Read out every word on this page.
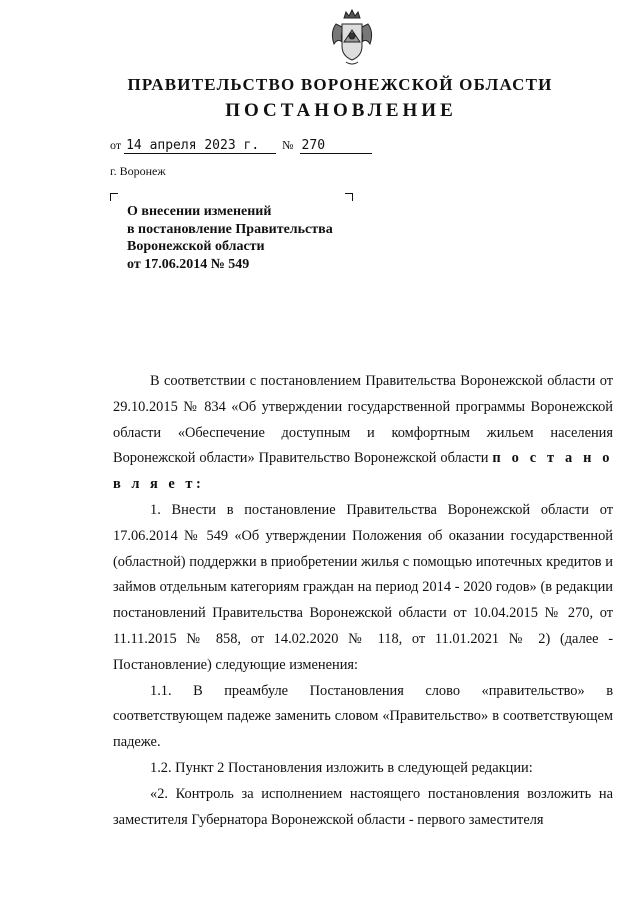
ПРАВИТЕЛЬСТВО ВОРОНЕЖСКОЙ ОБЛАСТИ
ПОСТАНОВЛЕНИЕ
от 14 апреля 2023 г. № 270
г. Воронеж
О внесении изменений
в постановление Правительства
Воронежской области
от 17.06.2014 № 549

В соответствии с постановлением Правительства Воронежской области от 29.10.2015 № 834 «Об утверждении государственной программы Воронежской области «Обеспечение доступным и комфортным жильем населения Воронежской области» Правительство Воронежской области п о с т а н о в л я е т:

1. Внести в постановление Правительства Воронежской области от 17.06.2014 № 549 «Об утверждении Положения об оказании государственной (областной) поддержки в приобретении жилья с помощью ипотечных кредитов и займов отдельным категориям граждан на период 2014 - 2020 годов» (в редакции постановлений Правительства Воронежской области от 10.04.2015 № 270, от 11.11.2015 № 858, от 14.02.2020 № 118, от 11.01.2021 № 2) (далее - Постановление) следующие изменения:

1.1. В преамбуле Постановления слово «правительство» в соответствующем падеже заменить словом «Правительство» в соответствующем падеже.

1.2. Пункт 2 Постановления изложить в следующей редакции:

«2. Контроль за исполнением настоящего постановления возложить на заместителя Губернатора Воронежской области - первого заместителя
